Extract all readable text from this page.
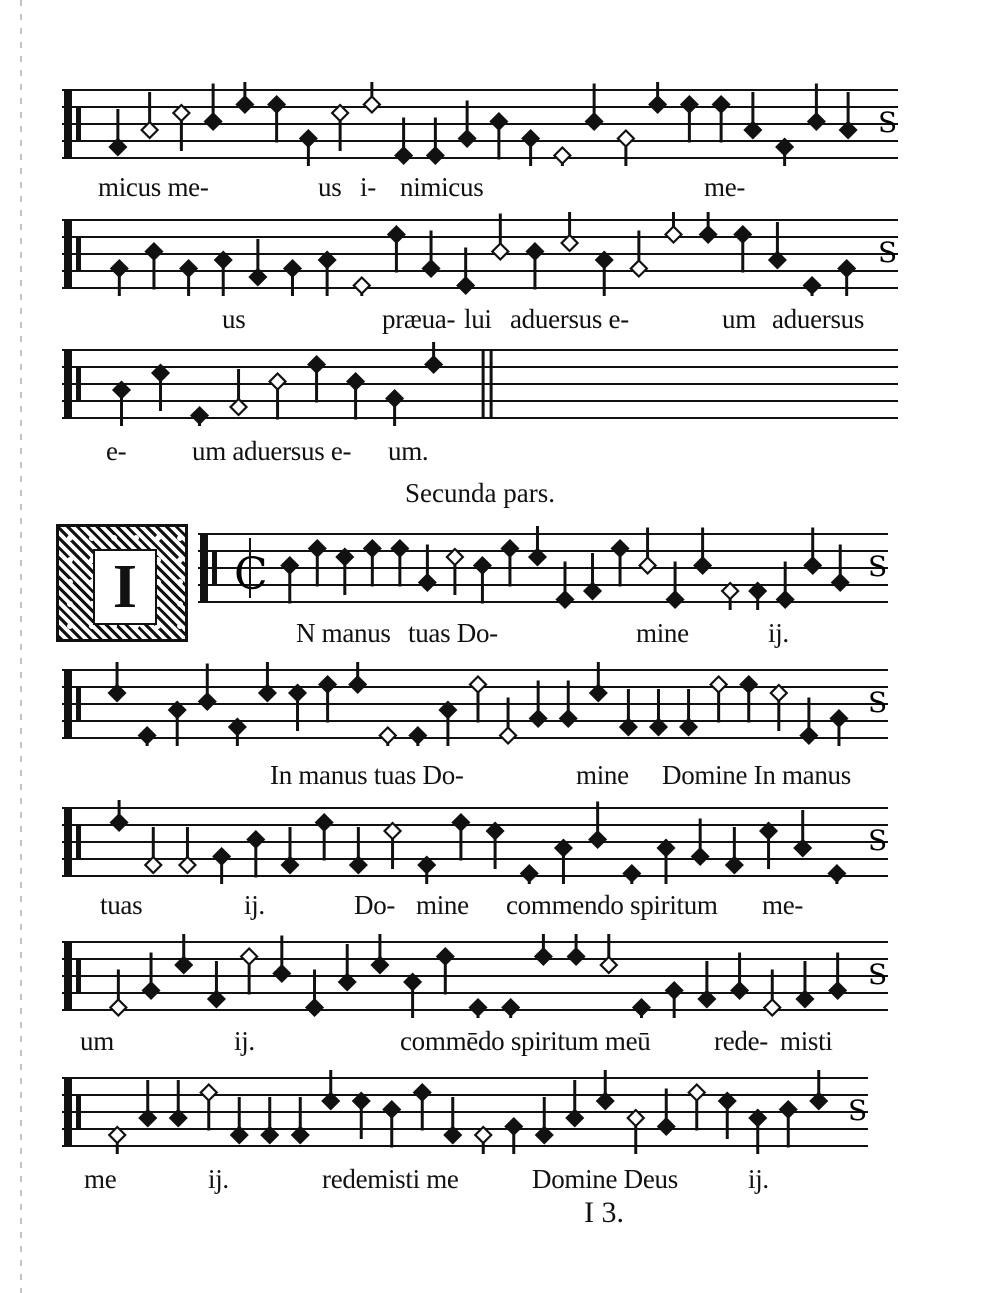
S
micus me-	us i- nimicus	me-
S
us	præua- lui aduersus e-	um aduersus
e- um aduersus e- um.
Secunda pars.
I	C	S
N manus tuas Do-	mine	ij.
S
In manus tuas Do-	mine Domine In manus
S
tuas	ij.	Do- mine commendo spiritum me-
S
um	ij.	commēdo spiritum meū rede- misti
S
me	ij.	redemisti me	Domine Deus	ij.
I 3.
